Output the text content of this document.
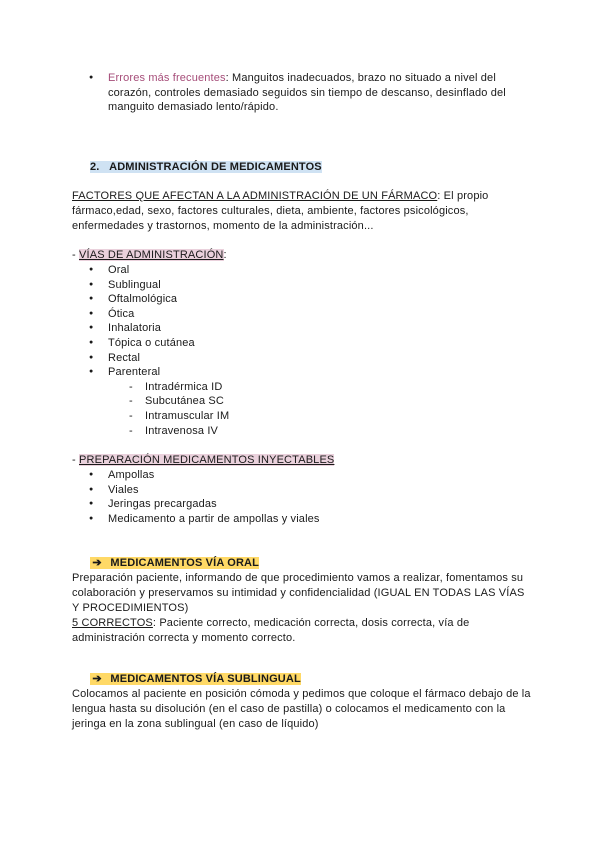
● Errores más frecuentes: Manguitos inadecuados, brazo no situado a nivel del corazón, controles demasiado seguidos sin tiempo de descanso, desinflado del manguito demasiado lento/rápido.
2. ADMINISTRACIÓN DE MEDICAMENTOS
FACTORES QUE AFECTAN A LA ADMINISTRACIÓN DE UN FÁRMACO: El propio fármaco,edad, sexo, factores culturales, dieta, ambiente, factores psicológicos, enfermedades y trastornos, momento de la administración...
- VÍAS DE ADMINISTRACIÓN:
● Oral
● Sublingual
● Oftalmológica
● Ótica
● Inhalatoria
● Tópica o cutánea
● Rectal
● Parenteral
- Intradérmica ID
- Subcutánea SC
- Intramuscular IM
- Intravenosa IV
- PREPARACIÓN MEDICAMENTOS INYECTABLES
● Ampollas
● Viales
● Jeringas precargadas
● Medicamento a partir de ampollas y viales
➔ MEDICAMENTOS VÍA ORAL
Preparación paciente, informando de que procedimiento vamos a realizar, fomentamos su colaboración y preservamos su intimidad y confidencialidad (IGUAL EN TODAS LAS VÍAS Y PROCEDIMIENTOS)
5 CORRECTOS: Paciente correcto, medicación correcta, dosis correcta, vía de administración correcta y momento correcto.
➔ MEDICAMENTOS VÍA SUBLINGUAL
Colocamos al paciente en posición cómoda y pedimos que coloque el fármaco debajo de la lengua hasta su disolución (en el caso de pastilla) o colocamos el medicamento con la jeringa en la zona sublingual (en caso de líquido)
